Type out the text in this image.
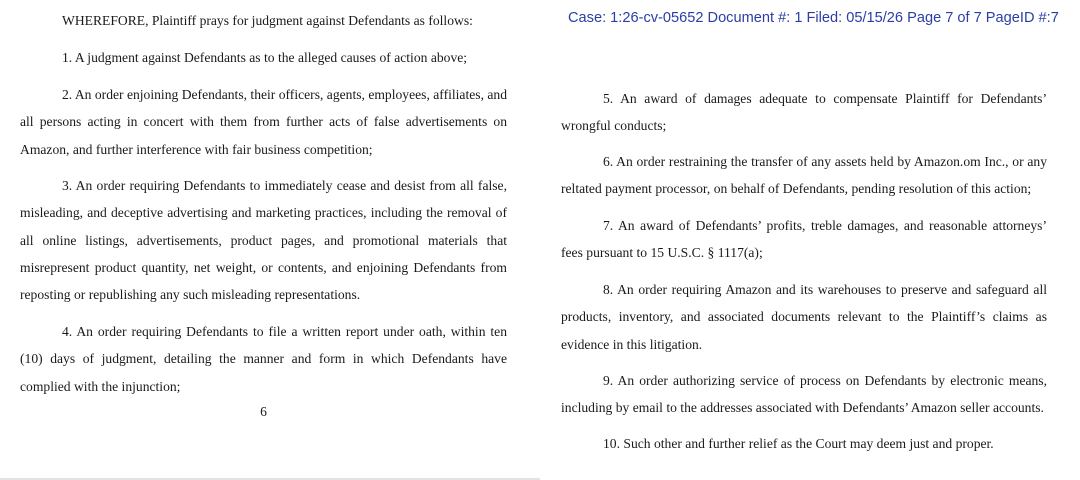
WHEREFORE, Plaintiff prays for judgment against Defendants as follows:

1. A judgment against Defendants as to the alleged causes of action above;

2. An order enjoining Defendants, their officers, agents, employees, affiliates, and all persons acting in concert with them from further acts of false advertisements on Amazon, and further interference with fair business competition;

3. An order requiring Defendants to immediately cease and desist from all false, misleading, and deceptive advertising and marketing practices, including the removal of all online listings, advertisements, product pages, and promotional materials that misrepresent product quantity, net weight, or contents, and enjoining Defendants from reposting or republishing any such misleading representations.

4. An order requiring Defendants to file a written report under oath, within ten (10) days of judgment, detailing the manner and form in which Defendants have complied with the injunction;

6
Case: 1:26-cv-05652 Document #: 1 Filed: 05/15/26 Page 7 of 7 PageID #:7

5. An award of damages adequate to compensate Plaintiff for Defendants’ wrongful conducts;

6. An order restraining the transfer of any assets held by Amazon.om Inc., or any reltated payment processor, on behalf of Defendants, pending resolution of this action;

7. An award of Defendants’ profits, treble damages, and reasonable attorneys’ fees pursuant to 15 U.S.C. § 1117(a);

8. An order requiring Amazon and its warehouses to preserve and safeguard all products, inventory, and associated documents relevant to the Plaintiff’s claims as evidence in this litigation.

9. An order authorizing service of process on Defendants by electronic means, including by email to the addresses associated with Defendants’ Amazon seller accounts.

10. Such other and further relief as the Court may deem just and proper.
